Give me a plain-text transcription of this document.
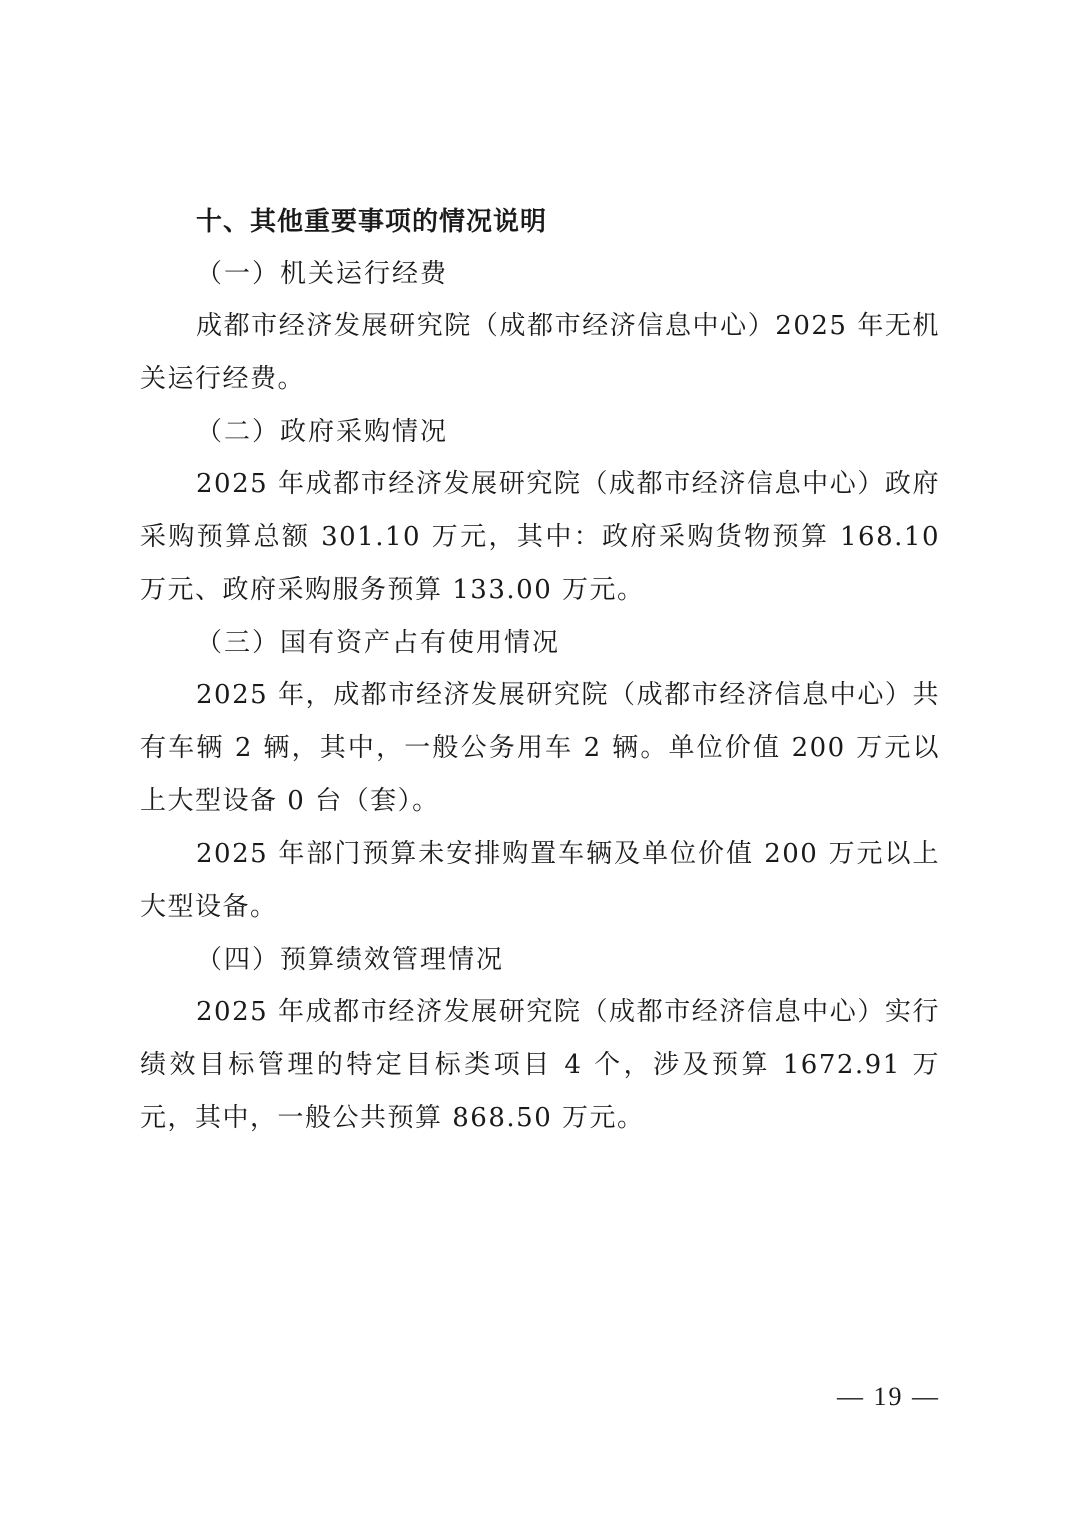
十、其他重要事项的情况说明

（一）机关运行经费

成都市经济发展研究院（成都市经济信息中心）2025 年无机关运行经费。

（二）政府采购情况

2025 年成都市经济发展研究院（成都市经济信息中心）政府采购预算总额 301.10 万元，其中：政府采购货物预算 168.10 万元、政府采购服务预算 133.00 万元。

（三）国有资产占有使用情况

2025 年，成都市经济发展研究院（成都市经济信息中心）共有车辆 2 辆，其中，一般公务用车 2 辆。单位价值 200 万元以上大型设备 0 台（套）。

2025 年部门预算未安排购置车辆及单位价值 200 万元以上大型设备。

（四）预算绩效管理情况

2025 年成都市经济发展研究院（成都市经济信息中心）实行绩效目标管理的特定目标类项目 4 个，涉及预算 1672.91 万元，其中，一般公共预算 868.50 万元。

— 19 —
